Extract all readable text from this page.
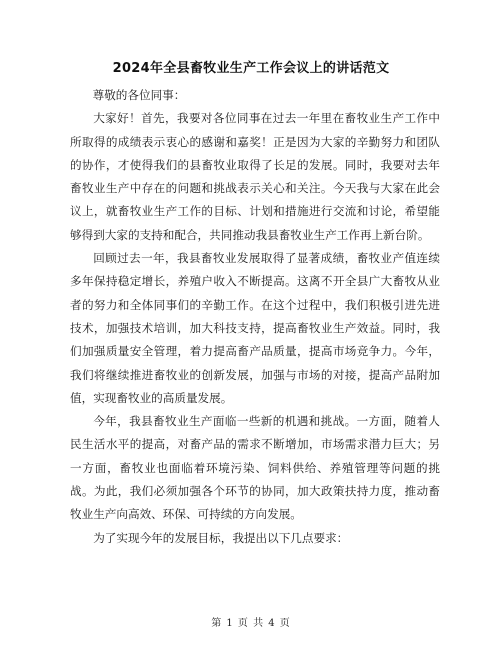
2024年全县畜牧业生产工作会议上的讲话范文

尊敬的各位同事：

大家好！首先，我要对各位同事在过去一年里在畜牧业生产工作中所取得的成绩表示衷心的感谢和嘉奖！正是因为大家的辛勤努力和团队的协作，才使得我们的县畜牧业取得了长足的发展。同时，我要对去年畜牧业生产中存在的问题和挑战表示关心和关注。今天我与大家在此会议上，就畜牧业生产工作的目标、计划和措施进行交流和讨论，希望能够得到大家的支持和配合，共同推动我县畜牧业生产工作再上新台阶。

回顾过去一年，我县畜牧业发展取得了显著成绩，畜牧业产值连续多年保持稳定增长，养殖户收入不断提高。这离不开全县广大畜牧从业者的努力和全体同事们的辛勤工作。在这个过程中，我们积极引进先进技术，加强技术培训，加大科技支持，提高畜牧业生产效益。同时，我们加强质量安全管理，着力提高畜产品质量，提高市场竞争力。今年，我们将继续推进畜牧业的创新发展，加强与市场的对接，提高产品附加值，实现畜牧业的高质量发展。

今年，我县畜牧业生产面临一些新的机遇和挑战。一方面，随着人民生活水平的提高，对畜产品的需求不断增加，市场需求潜力巨大；另一方面，畜牧业也面临着环境污染、饲料供给、养殖管理等问题的挑战。为此，我们必须加强各个环节的协同，加大政策扶持力度，推动畜牧业生产向高效、环保、可持续的方向发展。

为了实现今年的发展目标，我提出以下几点要求：

第 1 页 共 4 页
